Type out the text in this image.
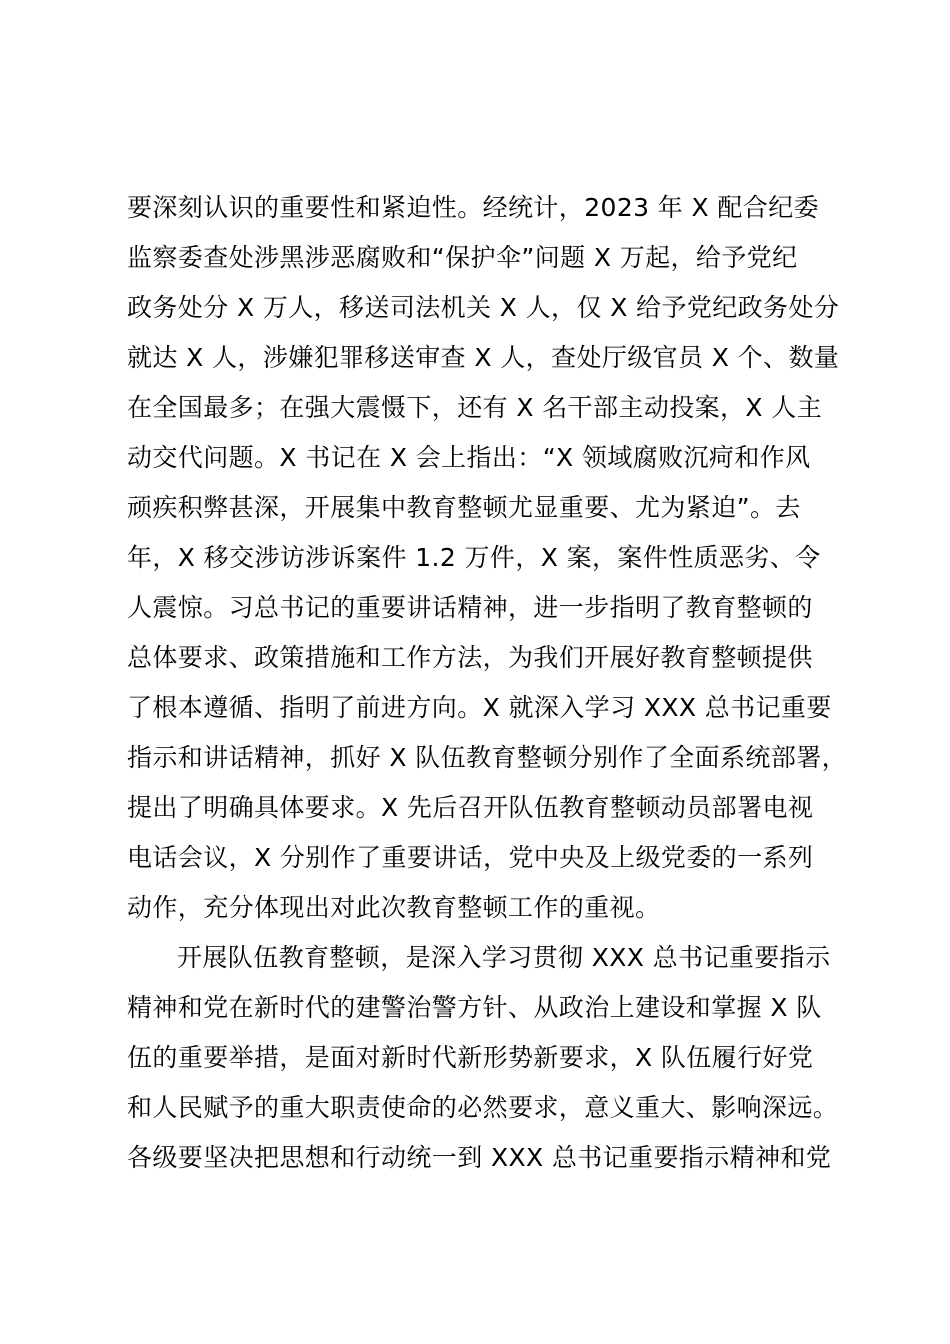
要深刻认识的重要性和紧迫性。经统计，2023 年 X 配合纪委
监察委查处涉黑涉恶腐败和“保护伞”问题 X 万起，给予党纪
政务处分 X 万人，移送司法机关 X 人，仅 X 给予党纪政务处分
就达 X 人，涉嫌犯罪移送审查 X 人，查处厅级官员 X 个、数量
在全国最多；在强大震慑下，还有 X 名干部主动投案，X 人主
动交代问题。X 书记在 X 会上指出：“X 领域腐败沉疴和作风
顽疾积弊甚深，开展集中教育整顿尤显重要、尤为紧迫”。去
年，X 移交涉访涉诉案件 1.2 万件，X 案，案件性质恶劣、令
人震惊。习总书记的重要讲话精神，进一步指明了教育整顿的
总体要求、政策措施和工作方法，为我们开展好教育整顿提供
了根本遵循、指明了前进方向。X 就深入学习 XXX 总书记重要
指示和讲话精神，抓好 X 队伍教育整顿分别作了全面系统部署，
提出了明确具体要求。X 先后召开队伍教育整顿动员部署电视
电话会议，X 分别作了重要讲话，党中央及上级党委的一系列
动作，充分体现出对此次教育整顿工作的重视。
开展队伍教育整顿，是深入学习贯彻 XXX 总书记重要指示
精神和党在新时代的建警治警方针、从政治上建设和掌握 X 队
伍的重要举措，是面对新时代新形势新要求，X 队伍履行好党
和人民赋予的重大职责使命的必然要求，意义重大、影响深远。
各级要坚决把思想和行动统一到 XXX 总书记重要指示精神和党
